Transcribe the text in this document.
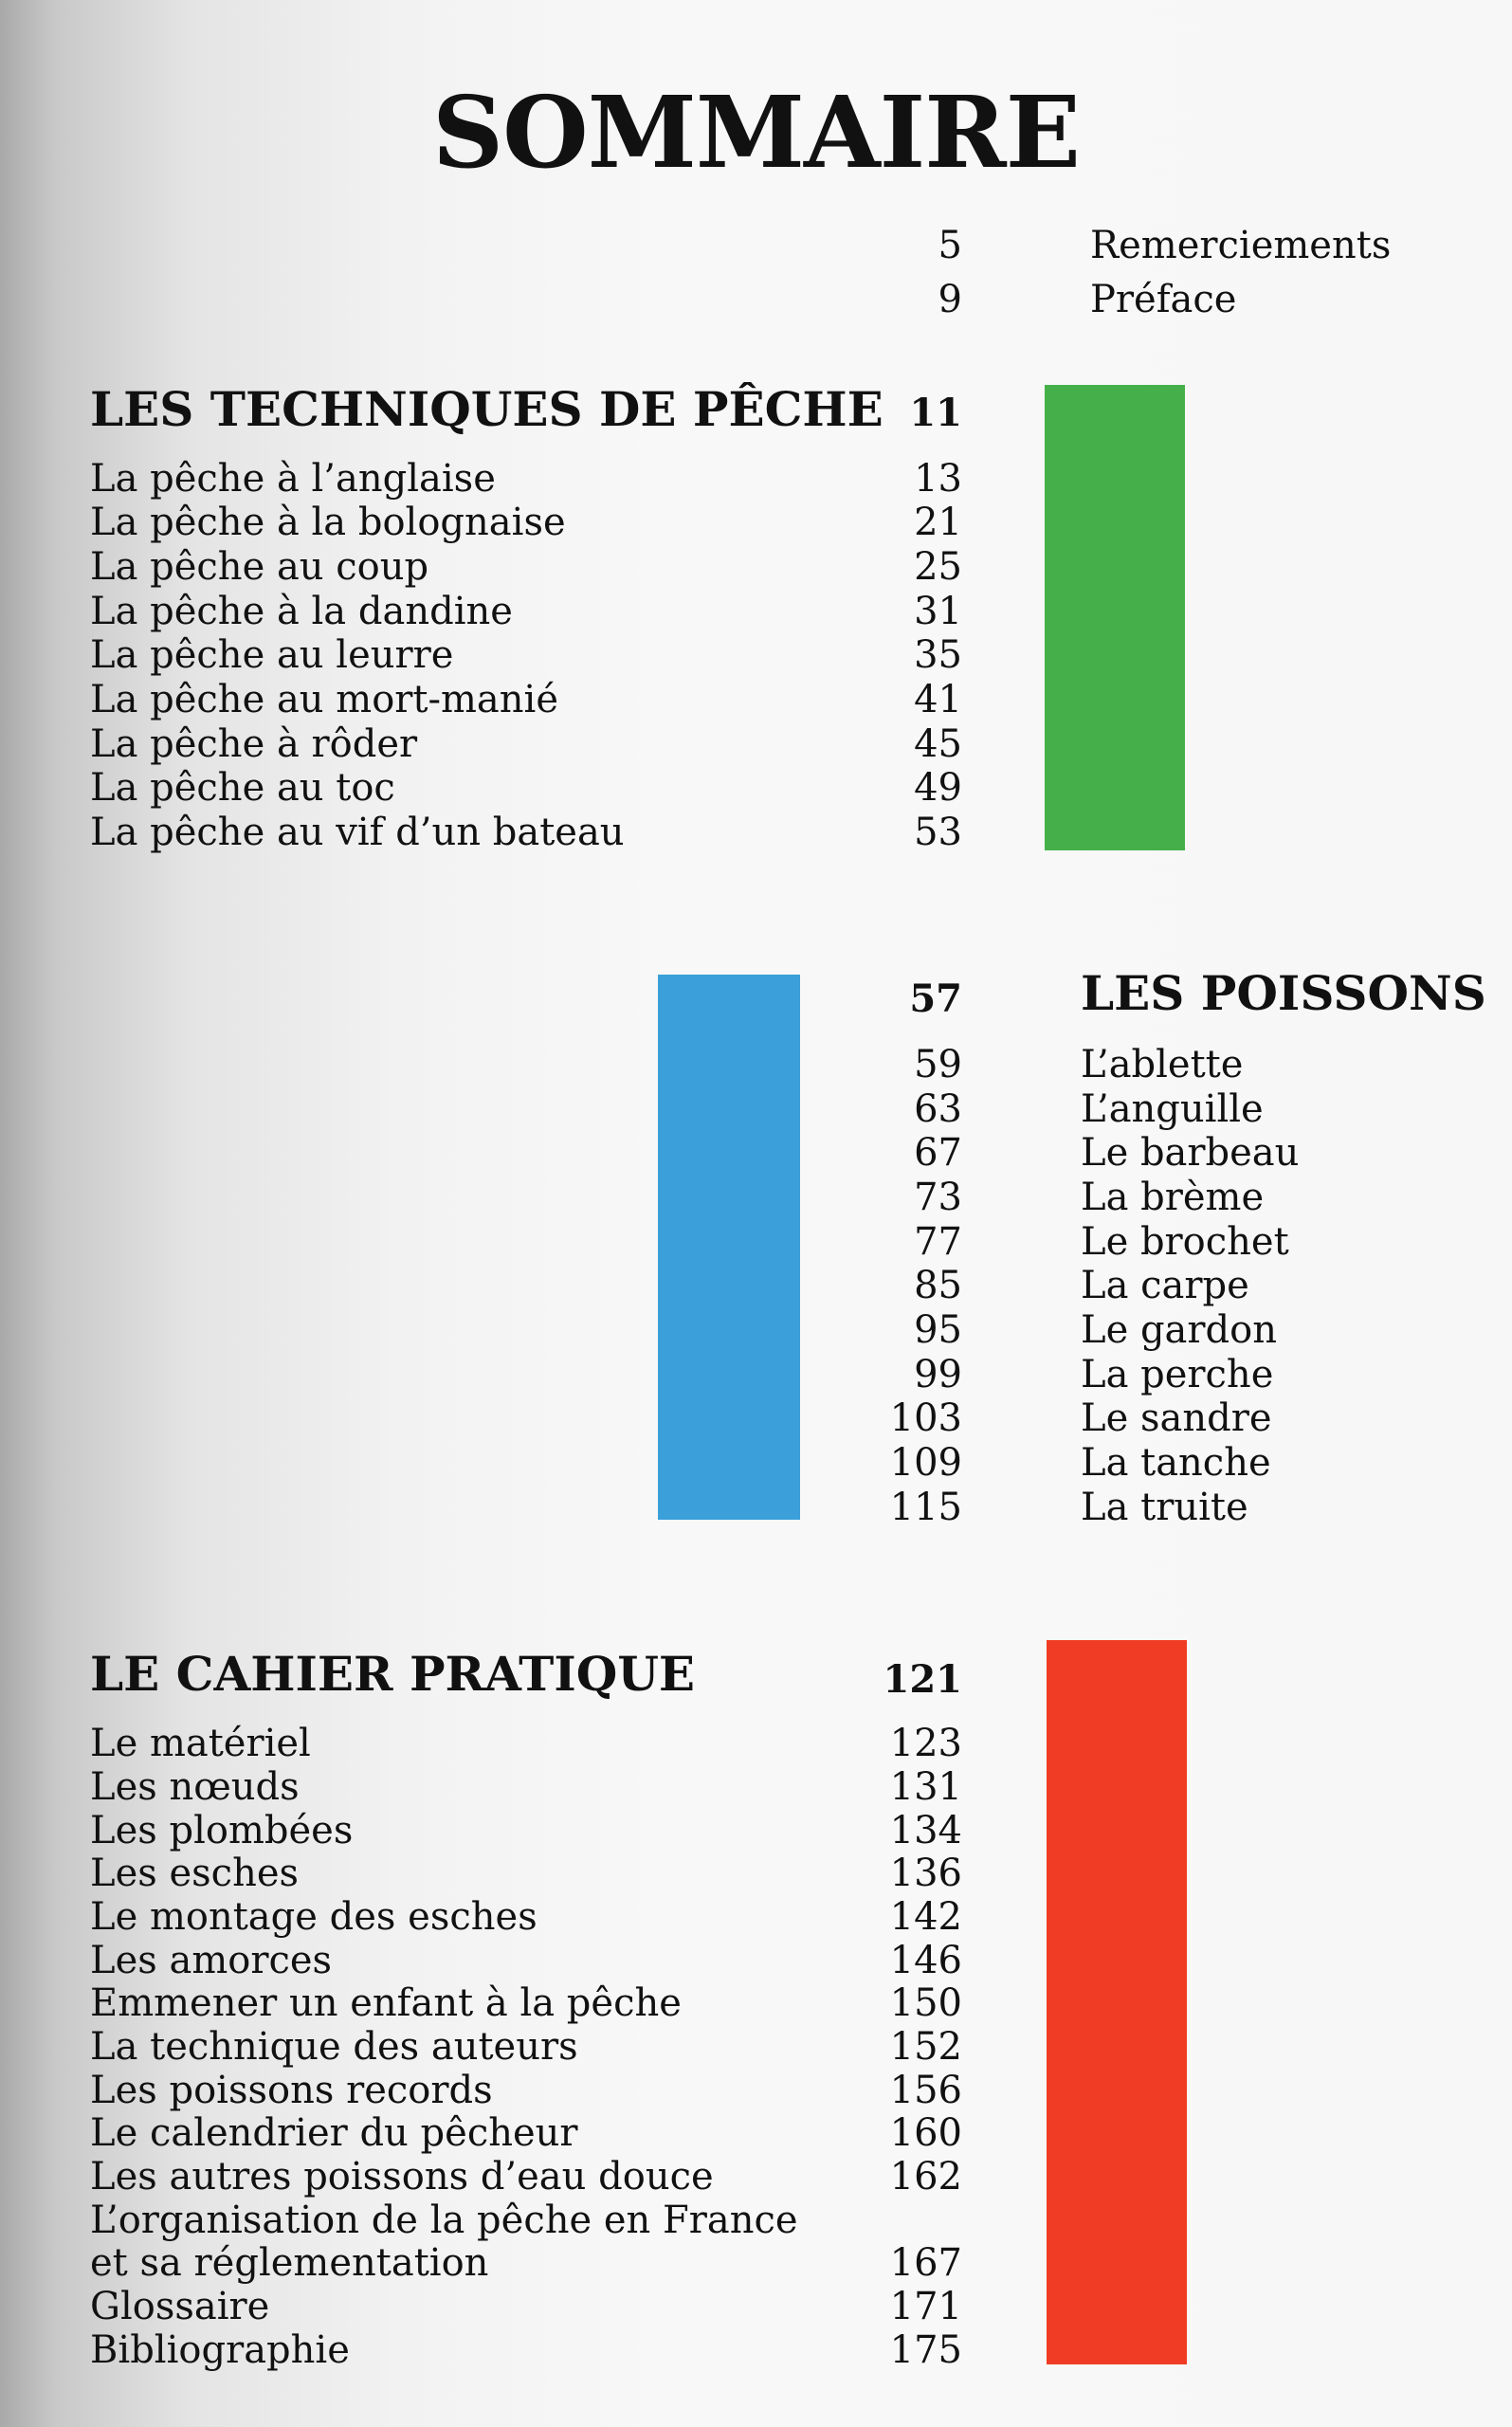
SOMMAIRE
5	Remerciements
9	Préface
LES TECHNIQUES DE PÊCHE 11
La pêche à l’anglaise	13
La pêche à la bolognaise	21
La pêche au coup	25
La pêche à la dandine	31
La pêche au leurre	35
La pêche au mort-manié	41
La pêche à rôder	45
La pêche au toc	49
La pêche au vif d’un bateau	53
57	LES POISSONS
59	L’ablette
63	L’anguille
67	Le barbeau
73	La brème
77	Le brochet
85	La carpe
95	Le gardon
99	La perche
103	Le sandre
109	La tanche
115	La truite
LE CAHIER PRATIQUE	121
Le matériel	123
Les nœuds	131
Les plombées	134
Les esches	136
Le montage des esches	142
Les amorces	146
Emmener un enfant à la pêche	150
La technique des auteurs	152
Les poissons records	156
Le calendrier du pêcheur	160
Les autres poissons d’eau douce	162
L’organisation de la pêche en France
et sa réglementation	167
Glossaire	171
Bibliographie	175
